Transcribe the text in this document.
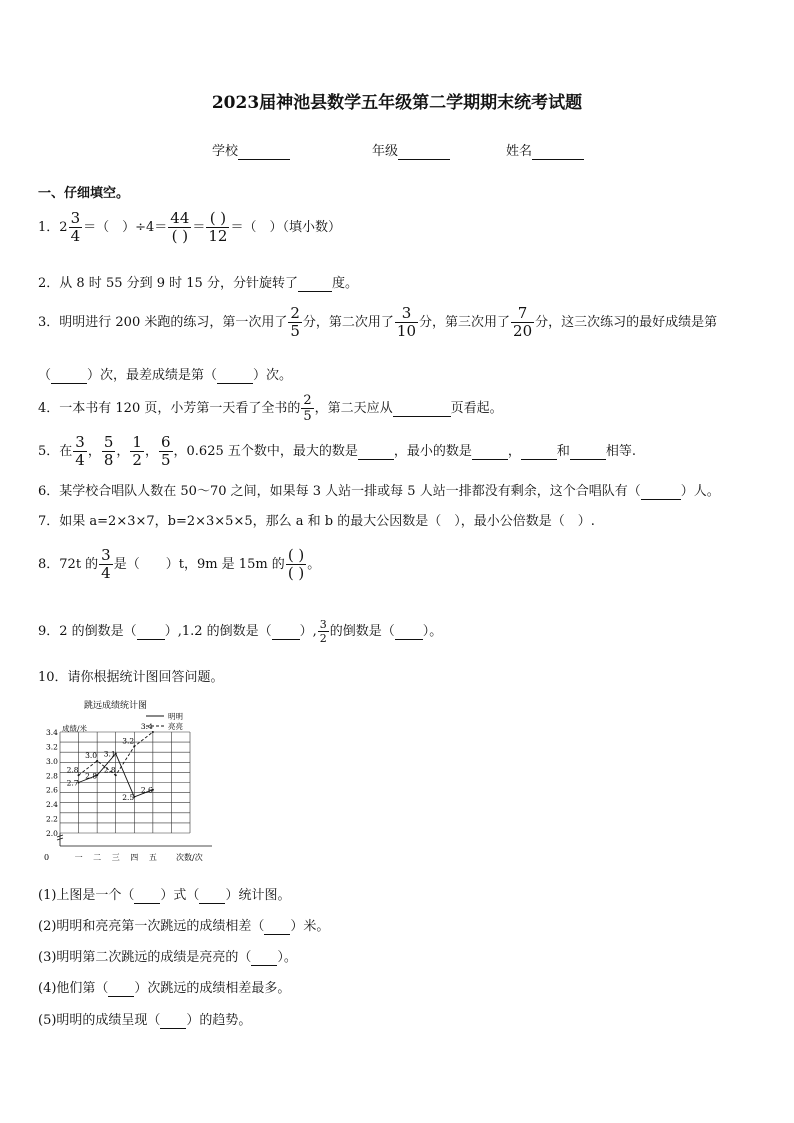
2023届神池县数学五年级第二学期期末统考试题
学校	年级	姓名
一、仔细填空。
1．$2 \frac{3}{4}$ ＝（　）$\div 4= \frac{44}{( )} = \frac{( )}{12}$ ＝（　）（填小数）
2．从 8 时 55 分到 9 时 15 分，分针旋转了	度。
3．明明进行 200 米跑的练习，第一次用了 $\frac{2}{5}$ 分，第二次用了 $\frac{3}{10}$ 分，第三次用了 $\frac{7}{20}$ 分，这三次练习的最好成绩是第
（	）次，最差成绩是第（	）次。
4．一本书有 120 页，小芳第一天看了全书的 $\frac{2}{5}$ ，第二天应从	页看起。
5．在 $\frac{3}{4}$ ， $\frac{5}{8}$ ， $\frac{1}{2}$ ， $\frac{6}{5}$ ，0.625 五个数中，最大的数是	，最小的数是	，	和	相等.
6．某学校合唱队人数在 50～70 之间，如果每 3 人站一排或每 5 人站一排都没有剩余，这个合唱队有（	）人。
7．如果 a=2×3×7，b=2×3×5×5，那么 a 和 b 的最大公因数是（　），最小公倍数是（　）.
8．72t 的 $\frac{3}{4}$ 是（　　）t，9m 是 15m 的 $\frac{( )}{( )}$ 。
9．2 的倒数是（ ）,1.2 的倒数是（ ）, $\frac{3}{2}$ 的倒数是（ ）。
10．请你根据统计图回答问题。
跳远成绩统计图
成绩/米
明明
亮亮
2.0
2.2
2.4
2.6
2.8
3.0
3.2
3.4
一 二 三 四 五
2.7
2.8
3.1
2.5
2.6
2.8
3.0
2.8
3.2
3.4
0	次数/次
(1)上图是一个（ ）式（ ）统计图。
(2)明明和亮亮第一次跳远的成绩相差（ ）米。
(3)明明第二次跳远的成绩是亮亮的（ ）。
(4)他们第（ ）次跳远的成绩相差最多。
(5)明明的成绩呈现（ ）的趋势。
